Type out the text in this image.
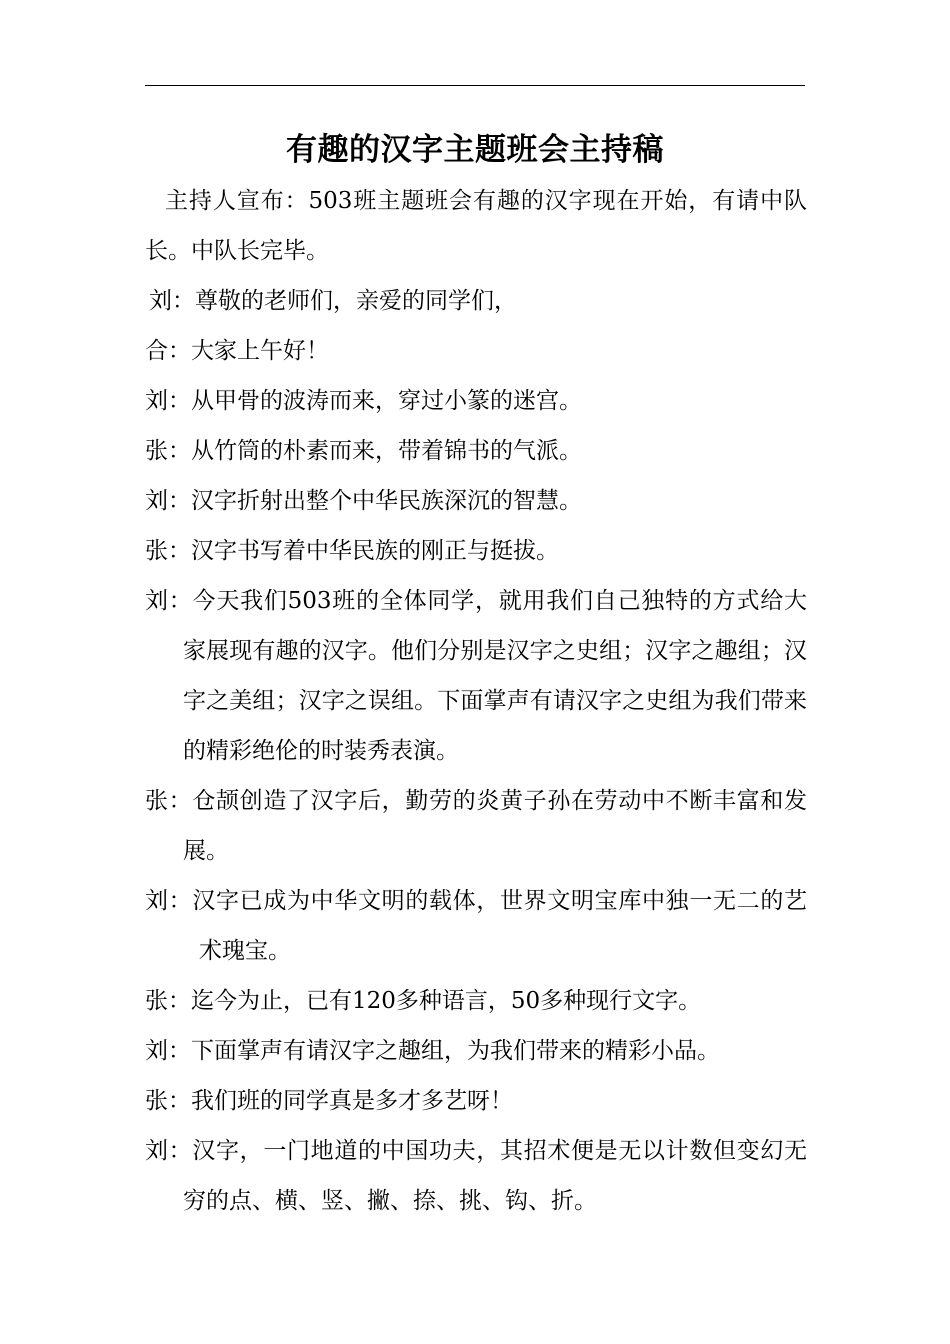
有趣的汉字主题班会主持稿

主持人宣布：503班主题班会有趣的汉字现在开始，有请中队长。中队长完毕。

刘：尊敬的老师们，亲爱的同学们，

合：大家上午好！

刘：从甲骨的波涛而来，穿过小篆的迷宫。

张：从竹筒的朴素而来，带着锦书的气派。

刘：汉字折射出整个中华民族深沉的智慧。

张：汉字书写着中华民族的刚正与挺拔。

刘：今天我们503班的全体同学，就用我们自己独特的方式给大家展现有趣的汉字。他们分别是汉字之史组；汉字之趣组；汉字之美组；汉字之误组。下面掌声有请汉字之史组为我们带来的精彩绝伦的时装秀表演。

张：仓颉创造了汉字后，勤劳的炎黄子孙在劳动中不断丰富和发展。

刘：汉字已成为中华文明的载体，世界文明宝库中独一无二的艺术瑰宝。

张：迄今为止，已有120多种语言，50多种现行文字。

刘：下面掌声有请汉字之趣组，为我们带来的精彩小品。

张：我们班的同学真是多才多艺呀！

刘：汉字，一门地道的中国功夫，其招术便是无以计数但变幻无穷的点、横、竖、撇、捺、挑、钩、折。
